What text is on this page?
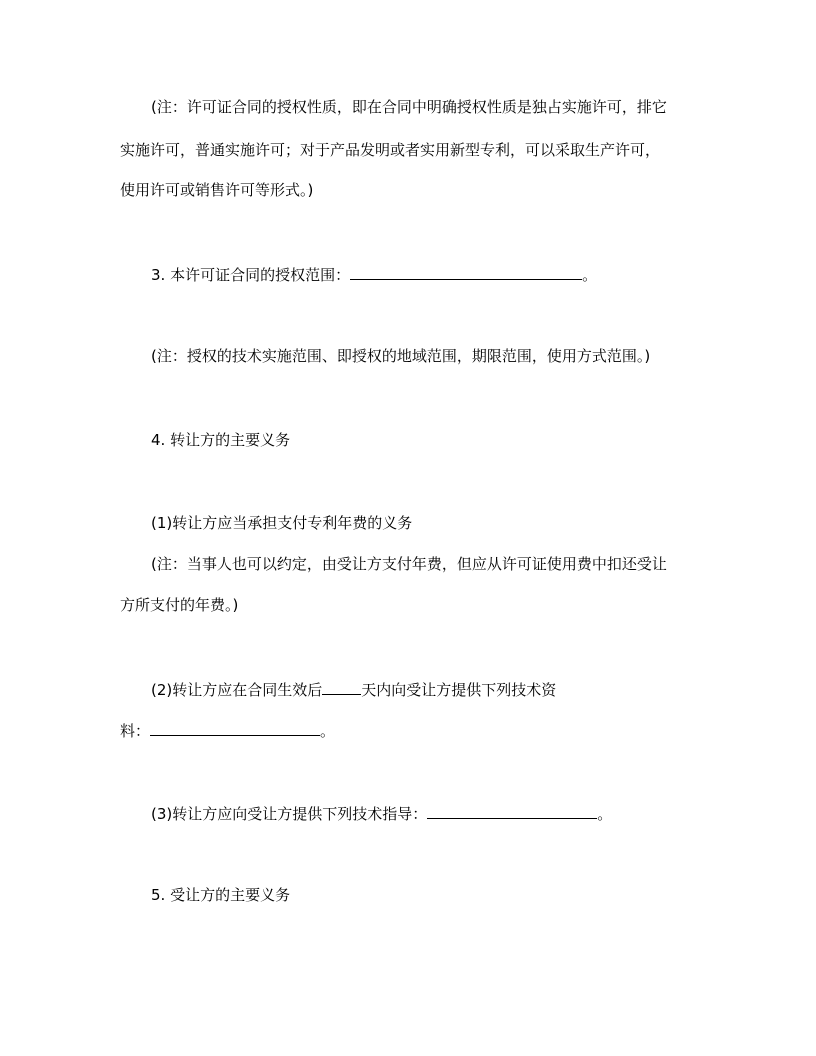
(注：许可证合同的授权性质，即在合同中明确授权性质是独占实施许可，排它
实施许可，普通实施许可；对于产品发明或者实用新型专利，可以采取生产许可，
使用许可或销售许可等形式。)
3. 本许可证合同的授权范围：	。
(注：授权的技术实施范围、即授权的地域范围，期限范围，使用方式范围。)
4. 转让方的主要义务
(1)转让方应当承担支付专利年费的义务
(注：当事人也可以约定，由受让方支付年费，但应从许可证使用费中扣还受让
方所支付的年费。)
(2)转让方应在合同生效后	天内向受让方提供下列技术资
料：	。
(3)转让方应向受让方提供下列技术指导：	。
5. 受让方的主要义务
